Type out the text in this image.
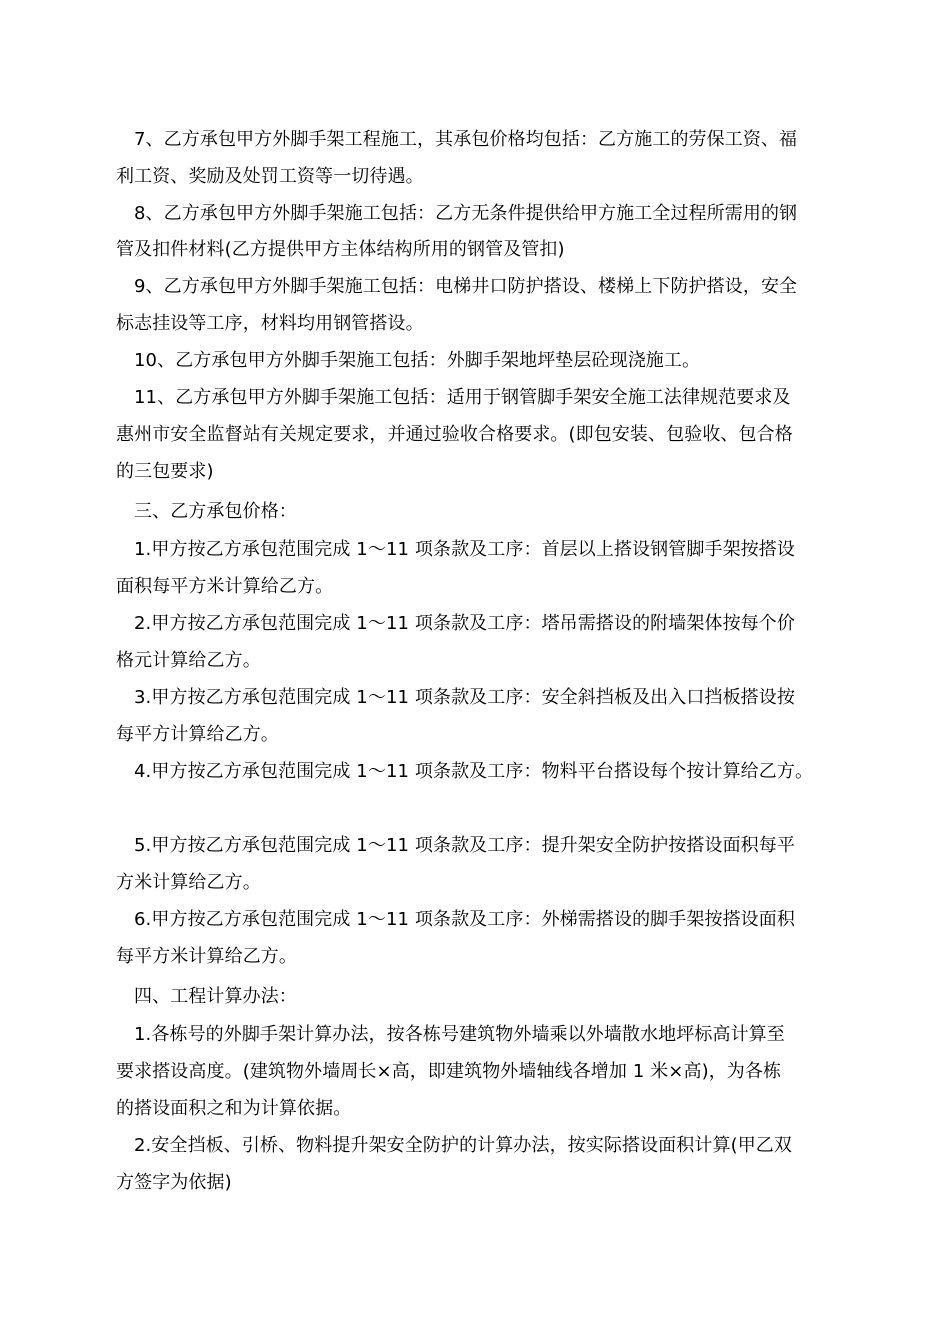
7、乙方承包甲方外脚手架工程施工，其承包价格均包括：乙方施工的劳保工资、福
利工资、奖励及处罚工资等一切待遇。
8、乙方承包甲方外脚手架施工包括：乙方无条件提供给甲方施工全过程所需用的钢
管及扣件材料(乙方提供甲方主体结构所用的钢管及管扣)
9、乙方承包甲方外脚手架施工包括：电梯井口防护搭设、楼梯上下防护搭设，安全
标志挂设等工序，材料均用钢管搭设。
10、乙方承包甲方外脚手架施工包括：外脚手架地坪垫层砼现浇施工。
11、乙方承包甲方外脚手架施工包括：适用于钢管脚手架安全施工法律规范要求及
惠州市安全监督站有关规定要求，并通过验收合格要求。(即包安装、包验收、包合格
的三包要求)
三、乙方承包价格：
1.甲方按乙方承包范围完成 1～11 项条款及工序：首层以上搭设钢管脚手架按搭设
面积每平方米计算给乙方。
2.甲方按乙方承包范围完成 1～11 项条款及工序：塔吊需搭设的附墙架体按每个价
格元计算给乙方。
3.甲方按乙方承包范围完成 1～11 项条款及工序：安全斜挡板及出入口挡板搭设按
每平方计算给乙方。
4.甲方按乙方承包范围完成 1～11 项条款及工序：物料平台搭设每个按计算给乙方。
5.甲方按乙方承包范围完成 1～11 项条款及工序：提升架安全防护按搭设面积每平
方米计算给乙方。
6.甲方按乙方承包范围完成 1～11 项条款及工序：外梯需搭设的脚手架按搭设面积
每平方米计算给乙方。
四、工程计算办法：
1.各栋号的外脚手架计算办法，按各栋号建筑物外墙乘以外墙散水地坪标高计算至
要求搭设高度。(建筑物外墙周长×高，即建筑物外墙轴线各增加 1 米×高)，为各栋
的搭设面积之和为计算依据。
2.安全挡板、引桥、物料提升架安全防护的计算办法，按实际搭设面积计算(甲乙双
方签字为依据)
